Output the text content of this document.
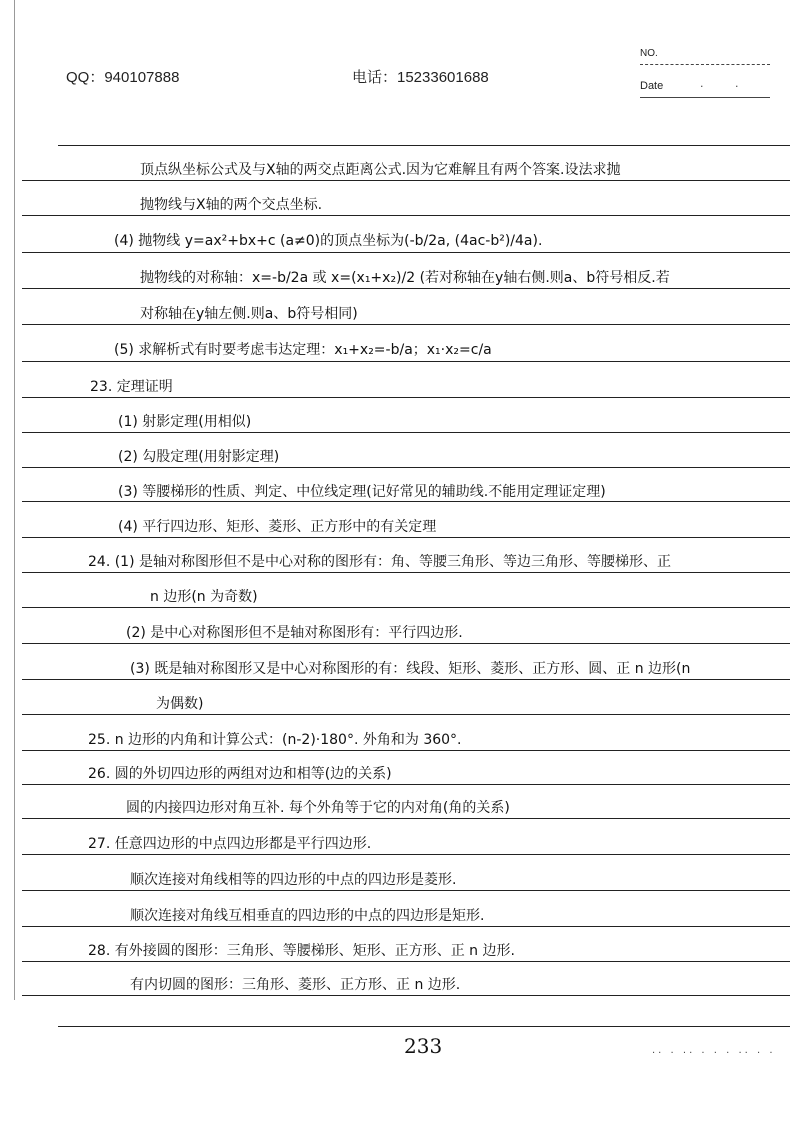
QQ：940107888	电话：15233601688
NO.
Date	· ·
顶点纵坐标公式及与X轴的两交点距离公式.因为它难解且有两个答案.设法求抛
抛物线与X轴的两个交点坐标.
(4) 抛物线 y=ax²+bx+c (a≠0)的顶点坐标为(-b/2a, (4ac-b²)/4a).
抛物线的对称轴：x=-b/2a 或 x=(x₁+x₂)/2 (若对称轴在y轴右侧.则a、b符号相反.若
对称轴在y轴左侧.则a、b符号相同)
(5) 求解析式有时要考虑韦达定理：x₁+x₂=-b/a；x₁·x₂=c/a
23. 定理证明
(1) 射影定理(用相似)
(2) 勾股定理(用射影定理)
(3) 等腰梯形的性质、判定、中位线定理(记好常见的辅助线.不能用定理证定理)
(4) 平行四边形、矩形、菱形、正方形中的有关定理
24. (1) 是轴对称图形但不是中心对称的图形有：角、等腰三角形、等边三角形、等腰梯形、正
n 边形(n 为奇数)
(2) 是中心对称图形但不是轴对称图形有：平行四边形.
(3) 既是轴对称图形又是中心对称图形的有：线段、矩形、菱形、正方形、圆、正 n 边形(n
为偶数)
25. n 边形的内角和计算公式：(n-2)·180°. 外角和为 360°.
26. 圆的外切四边形的两组对边和相等(边的关系)
圆的内接四边形对角互补. 每个外角等于它的内对角(角的关系)
27. 任意四边形的中点四边形都是平行四边形.
顺次连接对角线相等的四边形的中点的四边形是菱形.
顺次连接对角线互相垂直的四边形的中点的四边形是矩形.
28. 有外接圆的图形：三角形、等腰梯形、矩形、正方形、正 n 边形.
有内切圆的图形：三角形、菱形、正方形、正 n 边形.
233	·· · ·· · · · ·· · ·
